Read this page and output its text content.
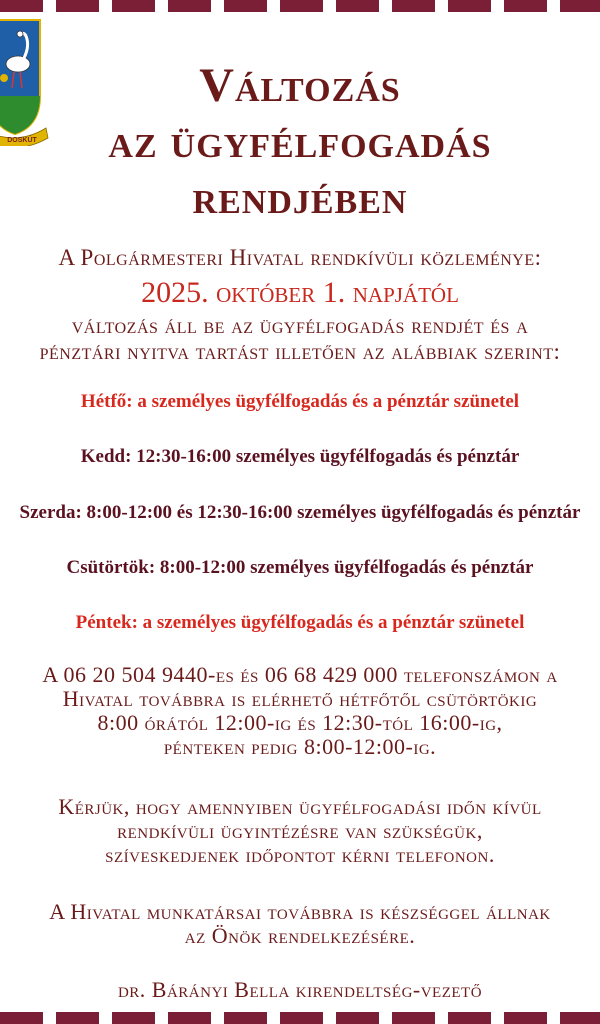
DOSKÚT
Változás
az ügyfélfogadás
rendjében
A Polgármesteri Hivatal rendkívüli közleménye:
2025. október 1. napjától
változás áll be az ügyfélfogadás rendjét és a
pénztári nyitva tartást illetően az alábbiak szerint:
Hétfő: a személyes ügyfélfogadás és a pénztár szünetel
Kedd: 12:30-16:00 személyes ügyfélfogadás és pénztár
Szerda: 8:00-12:00 és 12:30-16:00 személyes ügyfélfogadás és pénztár
Csütörtök: 8:00-12:00 személyes ügyfélfogadás és pénztár
Péntek: a személyes ügyfélfogadás és a pénztár szünetel
A 06 20 504 9440-es és 06 68 429 000 telefonszámon a
Hivatal továbbra is elérhető hétfőtől csütörtökig
8:00 órától 12:00-ig és 12:30-tól 16:00-ig,
pénteken pedig 8:00-12:00-ig.
Kérjük, hogy amennyiben ügyfélfogadási időn kívül
rendkívüli ügyintézésre van szükségük,
szíveskedjenek időpontot kérni telefonon.
A Hivatal munkatársai továbbra is készséggel állnak
az Önök rendelkezésére.
dr. Bárányi Bella kirendeltség-vezető
